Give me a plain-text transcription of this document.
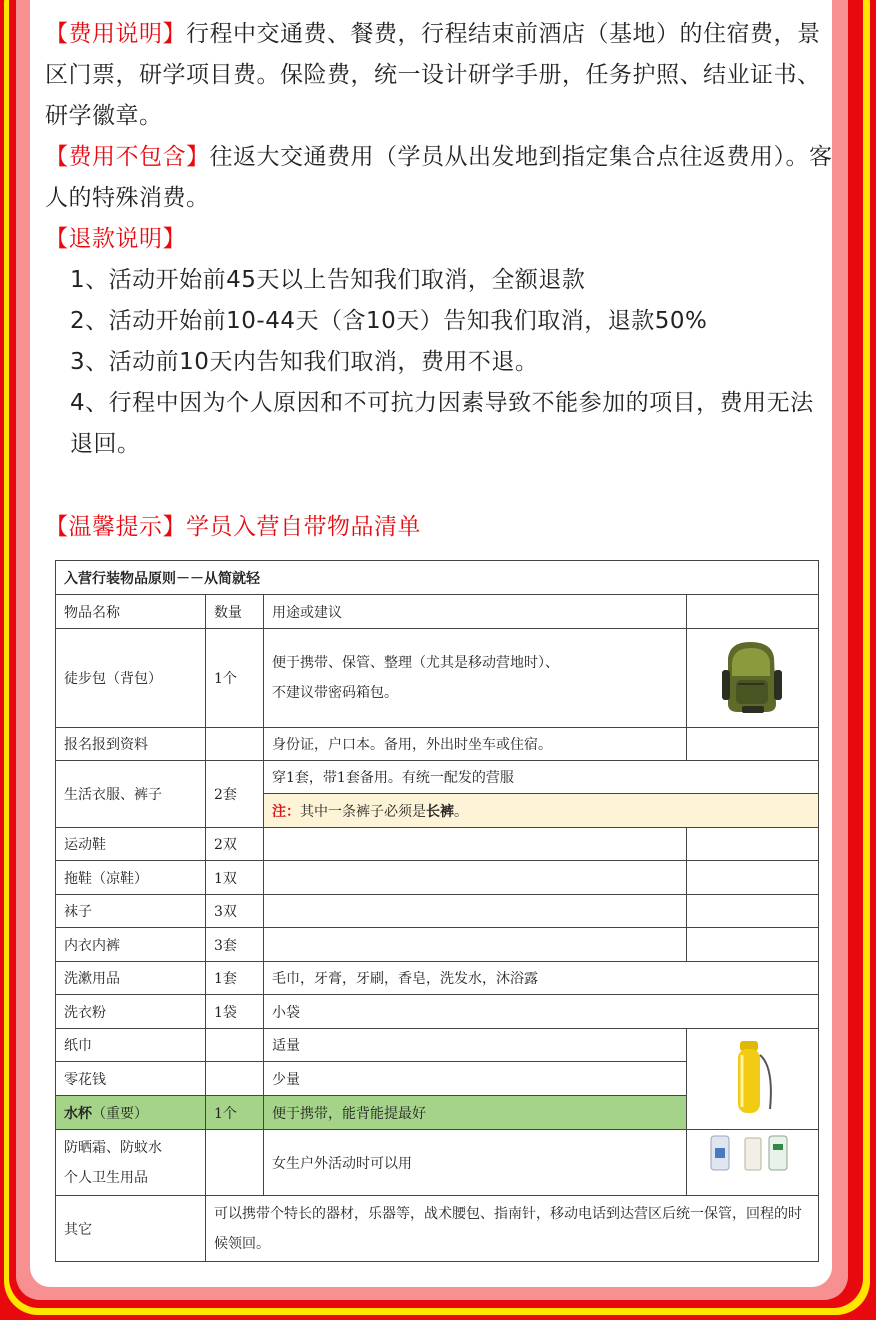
【费用说明】行程中交通费、餐费，行程结束前酒店（基地）的住宿费，景区门票，研学项目费。保险费，统一设计研学手册，任务护照、结业证书、研学徽章。
【费用不包含】往返大交通费用（学员从出发地到指定集合点往返费用）。客人的特殊消费。
【退款说明】
1、活动开始前45天以上告知我们取消，全额退款
2、活动开始前10-44天（含10天）告知我们取消，退款50%
3、活动前10天内告知我们取消，费用不退。
4、行程中因为个人原因和不可抗力因素导致不能参加的项目，费用无法退回。
【温馨提示】学员入营自带物品清单
入营行装物品原则－－从简就轻			
物品名称	数量	用途或建议	
徒步包（背包）	1个	便于携带、保管、整理（尤其是移动营地时）、
不建议带密码箱包。

报名报到资料		身份证，户口本。备用，外出时坐车或住宿。	
生活衣服、裤子	2套	穿1套，带1套备用。有统一配发的营服	
		注：其中一条裤子必须是长裤。	
运动鞋	2双		
拖鞋（凉鞋）	1双		
袜子	3双		
内衣内裤	3套		
洗漱用品	1套	毛巾，牙膏，牙刷，香皂，洗发水，沐浴露	
洗衣粉	1袋	小袋	
纸巾		适量	
零花钱		少量	
水杯（重要）	1个	便于携带，能背能提最好	

防晒霜、防蚊水
个人卫生用品		女生户外活动时可以用	
其它	可以携带个特长的器材，乐器等，战术腰包、指南针，移动电话到达营区后统一保管，回程的时候领回。		
